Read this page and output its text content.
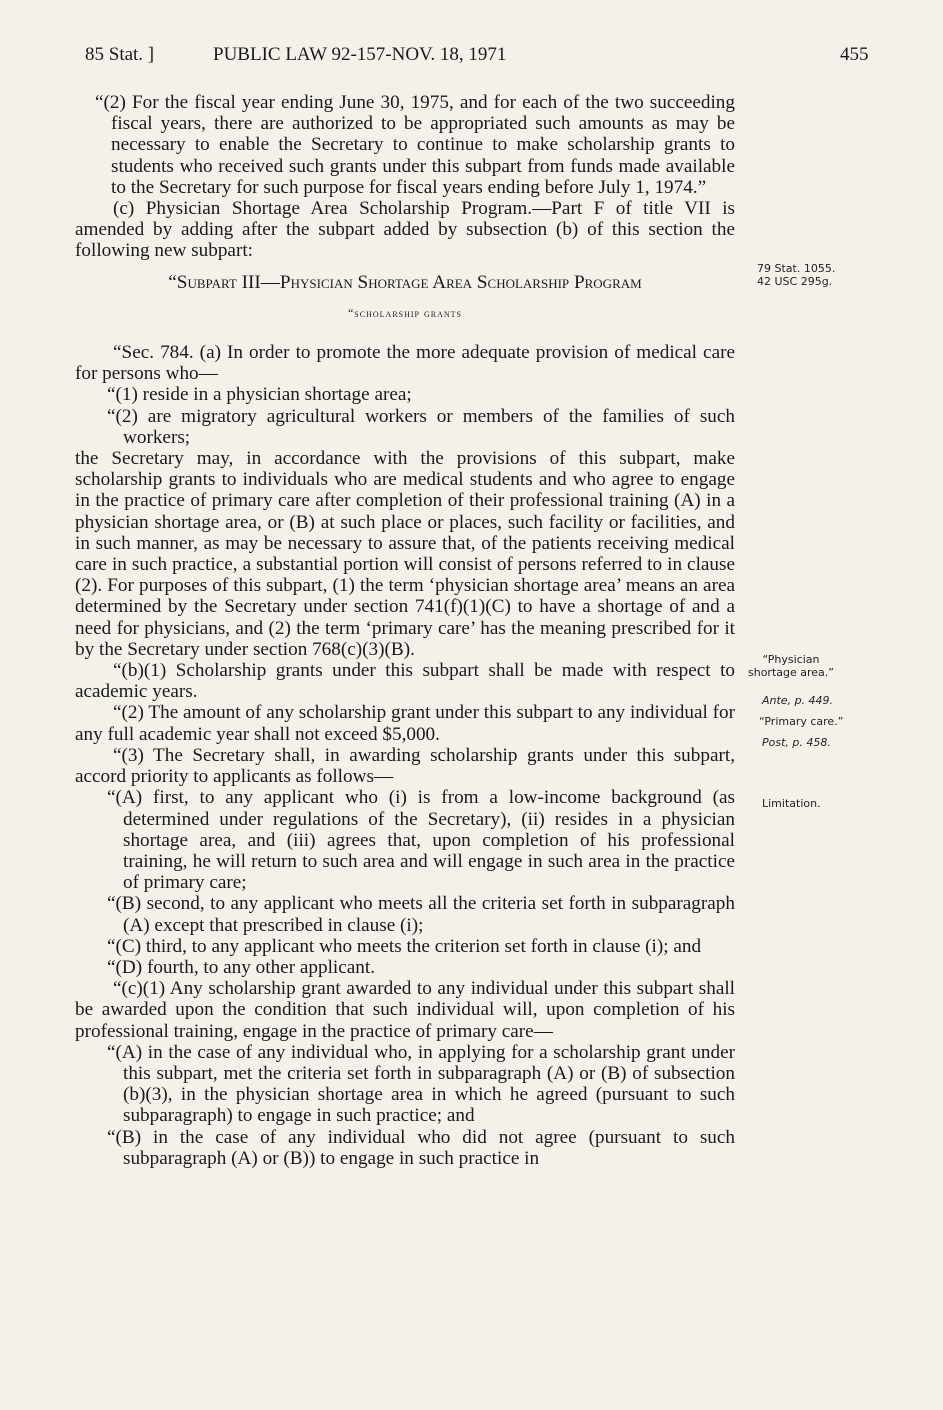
85 Stat. ]	PUBLIC LAW 92-157-NOV. 18, 1971	455

“(2) For the fiscal year ending June 30, 1975, and for each of the two succeeding fiscal years, there are authorized to be appropriated such amounts as may be necessary to enable the Secretary to continue to make scholarship grants to students who received such grants under this subpart from funds made available to the Secretary for such purpose for fiscal years ending before July 1, 1974.”

(c) Physician Shortage Area Scholarship Program.—Part F of title VII is amended by adding after the subpart added by subsection (b) of this section the following new subpart:

“Subpart III—Physician Shortage Area Scholarship Program

“scholarship grants

“Sec. 784. (a) In order to promote the more adequate provision of medical care for persons who—

“(1) reside in a physician shortage area;

“(2) are migratory agricultural workers or members of the families of such workers;

the Secretary may, in accordance with the provisions of this subpart, make scholarship grants to individuals who are medical students and who agree to engage in the practice of primary care after completion of their professional training (A) in a physician shortage area, or (B) at such place or places, such facility or facilities, and in such manner, as may be necessary to assure that, of the patients receiving medical care in such practice, a substantial portion will consist of persons referred to in clause (2). For purposes of this subpart, (1) the term ‘physician shortage area’ means an area determined by the Secretary under section 741(f)(1)(C) to have a shortage of and a need for physicians, and (2) the term ‘primary care’ has the meaning prescribed for it by the Secretary under section 768(c)(3)(B).

“(b)(1) Scholarship grants under this subpart shall be made with respect to academic years.

“(2) The amount of any scholarship grant under this subpart to any individual for any full academic year shall not exceed $5,000.

“(3) The Secretary shall, in awarding scholarship grants under this subpart, accord priority to applicants as follows—

“(A) first, to any applicant who (i) is from a low-income background (as determined under regulations of the Secretary), (ii) resides in a physician shortage area, and (iii) agrees that, upon completion of his professional training, he will return to such area and will engage in such area in the practice of primary care;

“(B) second, to any applicant who meets all the criteria set forth in subparagraph (A) except that prescribed in clause (i);

“(C) third, to any applicant who meets the criterion set forth in clause (i); and

“(D) fourth, to any other applicant.

“(c)(1) Any scholarship grant awarded to any individual under this subpart shall be awarded upon the condition that such individual will, upon completion of his professional training, engage in the practice of primary care—

“(A) in the case of any individual who, in applying for a scholarship grant under this subpart, met the criteria set forth in subparagraph (A) or (B) of subsection (b)(3), in the physician shortage area in which he agreed (pursuant to such subparagraph) to engage in such practice; and

“(B) in the case of any individual who did not agree (pursuant to such subparagraph (A) or (B)) to engage in such practice in

79 Stat. 1055.
42 USC 295g.
“Physician
shortage area.”
Ante, p. 449.
“Primary care.”
Post, p. 458.
Limitation.
